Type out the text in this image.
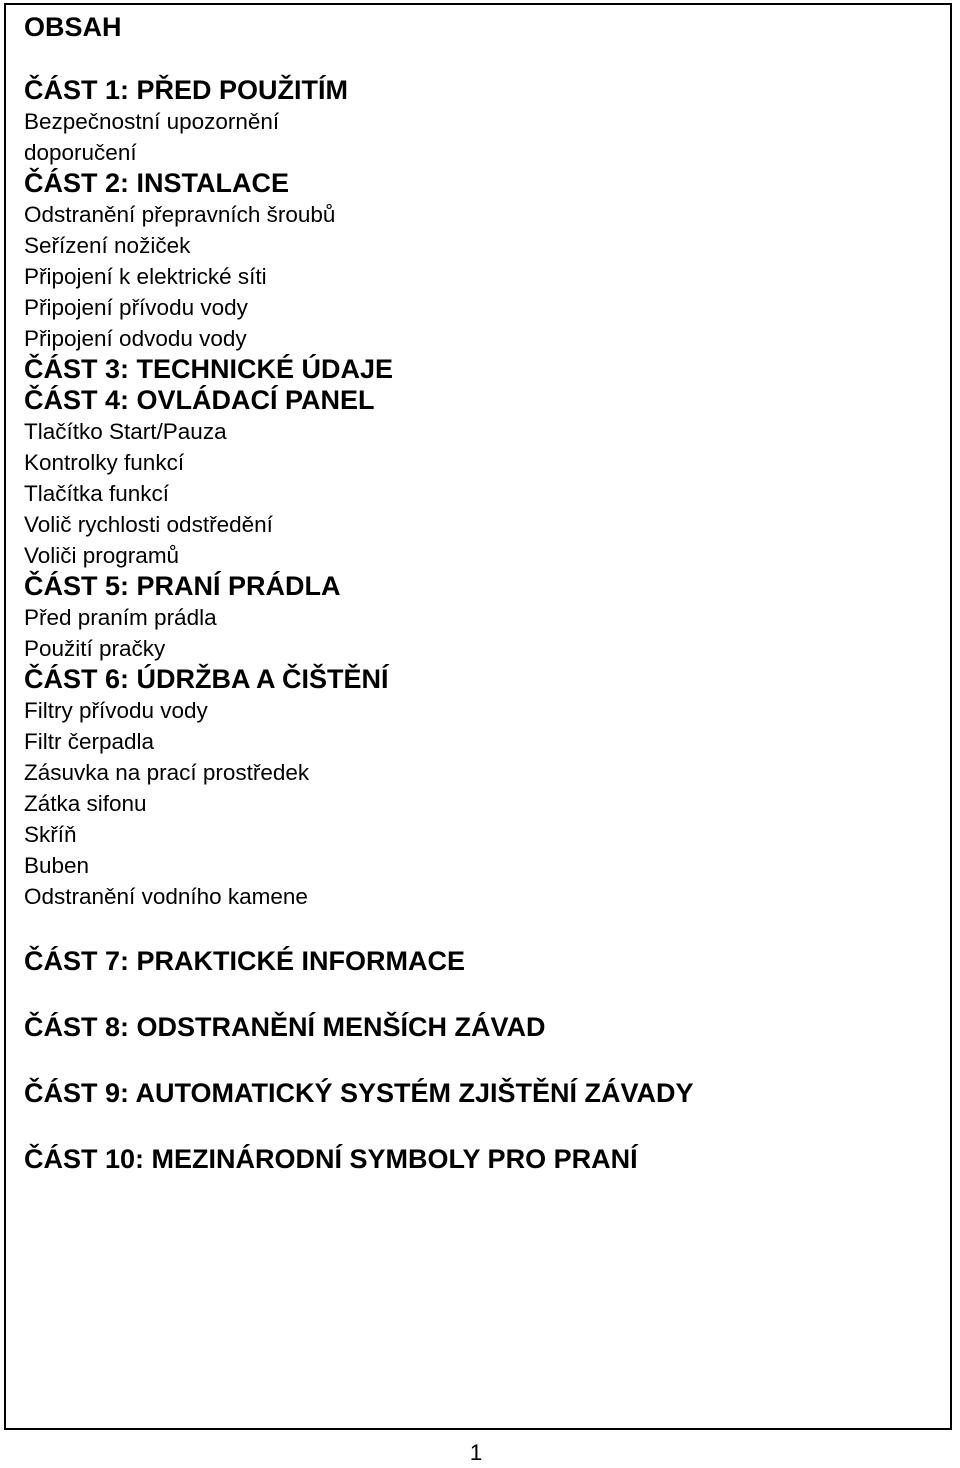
OBSAH
ČÁST 1: PŘED POUŽITÍM
Bezpečnostní upozornění
doporučení
ČÁST 2: INSTALACE
Odstranění přepravních šroubů
Seřízení nožiček
Připojení k elektrické síti
Připojení přívodu vody
Připojení odvodu vody
ČÁST 3: TECHNICKÉ ÚDAJE
ČÁST 4: OVLÁDACÍ PANEL
Tlačítko Start/Pauza
Kontrolky funkcí
Tlačítka funkcí
Volič rychlosti odstředění
Voliči programů
ČÁST 5: PRANÍ PRÁDLA
Před praním prádla
Použití pračky
ČÁST 6: ÚDRŽBA A ČIŠTĚNÍ
Filtry přívodu vody
Filtr čerpadla
Zásuvka na prací prostředek
Zátka sifonu
Skříň
Buben
Odstranění vodního kamene
ČÁST 7: PRAKTICKÉ INFORMACE
ČÁST 8: ODSTRANĚNÍ MENŠÍCH ZÁVAD
ČÁST 9: AUTOMATICKÝ SYSTÉM ZJIŠTĚNÍ ZÁVADY
ČÁST 10: MEZINÁRODNÍ SYMBOLY PRO PRANÍ
1
